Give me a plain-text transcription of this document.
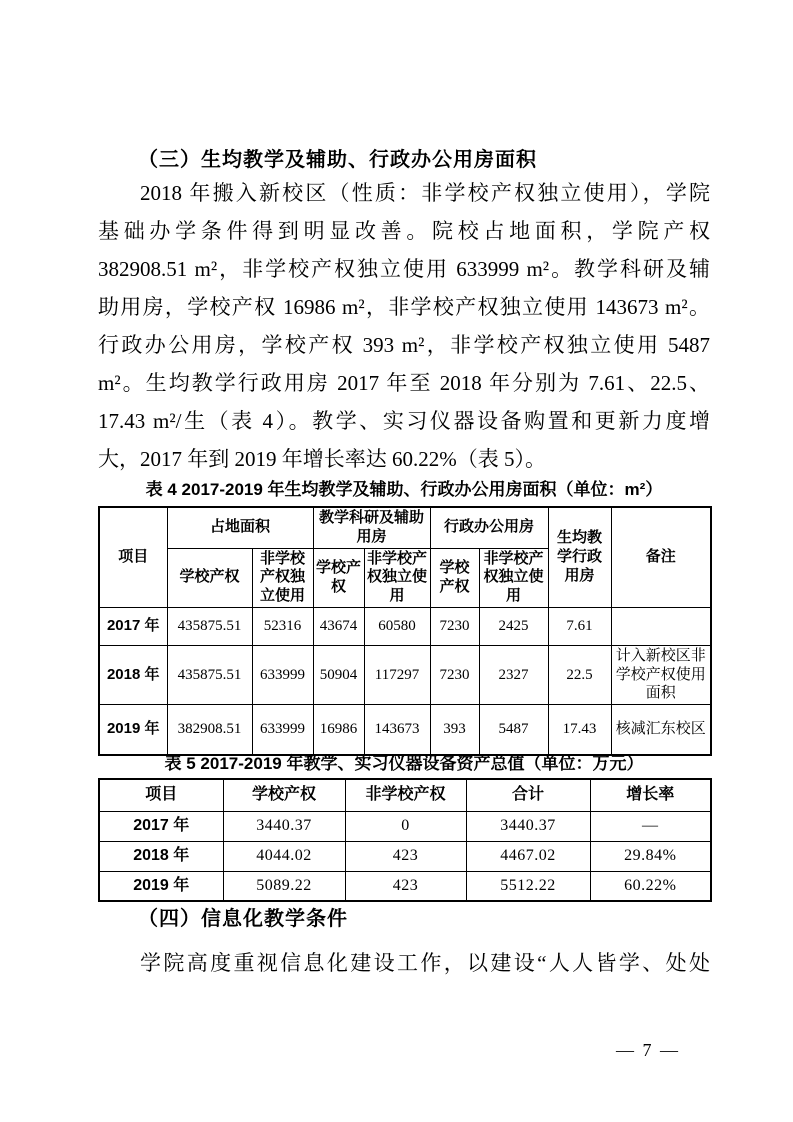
（三）生均教学及辅助、行政办公用房面积
2018 年搬入新校区（性质：非学校产权独立使用），学院
基础办学条件得到明显改善。院校占地面积，学院产权
382908.51 m²，非学校产权独立使用 633999 m²。教学科研及辅
助用房，学校产权 16986 m²，非学校产权独立使用 143673 m²。
行政办公用房，学校产权 393 m²，非学校产权独立使用 5487
m²。生均教学行政用房 2017 年至 2018 年分别为 7.61、22.5、
17.43 m²/生（表 4）。教学、实习仪器设备购置和更新力度增
大，2017 年到 2019 年增长率达 60.22%（表 5）。
表 4 2017-2019 年生均教学及辅助、行政办公用房面积（单位：m²）
项目	占地面积		教学科研及辅助用房		行政办公用房		生均教学行政用房	备注
	学校产权	非学校产权独立使用	学校产权	非学校产权独立使用	学校产权	非学校产权独立使用		
2017 年	435875.51	52316	43674	60580	7230	2425	7.61	
2018 年	435875.51	633999	50904	117297	7230	2327	22.5	计入新校区非学校产权使用面积
2019 年	382908.51	633999	16986	143673	393	5487	17.43	核减汇东校区
表 5 2017-2019 年教学、实习仪器设备资产总值（单位：万元）
项目	学校产权	非学校产权	合计	增长率
2017 年	3440.37	0	3440.37	—
2018 年	4044.02	423	4467.02	29.84%
2019 年	5089.22	423	5512.22	60.22%
（四）信息化教学条件
学院高度重视信息化建设工作，以建设“人人皆学、处处
— 7 —
